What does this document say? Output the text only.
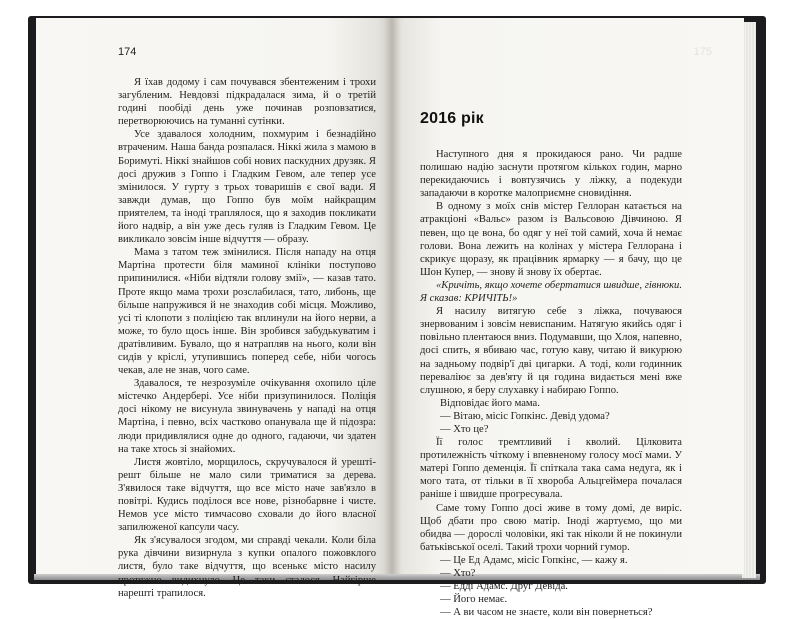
174

Я їхав додому і сам почувався збентеженим і трохи загубленим. Невдовзі підкрадалася зима, й о третій годині пообіді день уже починав розповзатися, перетворюючись на туманні сутінки.

Усе здавалося холодним, похмурим і безнадійно втраченим. Наша банда розпалася. Ніккі жила з мамою в Боримуті. Ніккі знайшов собі нових паскудних друзяк. Я досі дружив з Гоппо і Гладким Гевом, але тепер усе змінилося. У гурту з трьох товаришів є свої вади. Я завжди думав, що Гоппо був моїм найкращим приятелем, та іноді траплялося, що я заходив покликати його надвір, а він уже десь гуляв із Гладким Гевом. Це викликало зовсім інше відчуття — образу.

Мама з татом теж змінилися. Після нападу на отця Мартіна протести біля маминої клініки поступово припинилися. «Ніби відтяли голову змії», — казав тато. Проте якщо мама трохи розслабилася, тато, либонь, ще більше напружився й не знаходив собі місця. Можливо, усі ті клопоти з поліцією так вплинули на його нерви, а може, то було щось інше. Він зробився забудькуватим і дратівливим. Бувало, що я натрапляв на нього, коли він сидів у кріслі, утупившись поперед себе, ніби чогось чекав, але не знав, чого саме.

Здавалося, те незрозуміле очікування охопило ціле містечко Андербері. Усе ніби призупинилося. Поліція досі нікому не висунула звинувачень у нападі на отця Мартіна, і певно, всіх частково опанувала ще й підозра: люди придивлялися одне до одного, гадаючи, чи здатен на таке хтось зі знайомих.

Листя жовтіло, морщилось, скручувалося й урешті-решт більше не мало сили триматися за дерева. З'явилося таке відчуття, що все місто наче зав'язло в повітрі. Кудись поділося все нове, різнобарвне і чисте. Немов усе місто тимчасово сховали до його власної запилюженої капсули часу.

Як з'ясувалося згодом, ми справді чекали. Коли біла рука дівчини визирнула з купки опалого пожовклого листя, було таке відчуття, що всенькє місто насилу протяжно видихнуло. Це таки сталося. Найгірше нарешті трапилося.

175
2016 рік

Наступного дня я прокидаюся рано. Чи радше полишаю надію заснути протягом кількох годин, марно перекидаючись і вовтузячись у ліжку, а подекуди западаючи в коротке малоприємне сновидіння.

В одному з моїх снів містер Геллоран катається на атракціоні «Вальс» разом із Вальсовою Дівчиною. Я певен, що це вона, бо одяг у неї той самий, хоча й немає голови. Вона лежить на колінах у містера Геллорана і скрикує щоразу, як працівник ярмарку — я бачу, що це Шон Купер, — знову й знову їх обертає.

«Кричіть, якщо хочете обертатися швидше, гівнюки. Я сказав: КРИЧІТЬ!»

Я насилу витягую себе з ліжка, почуваюся знервованим і зовсім невиспаним. Натягую якийсь одяг і повільно плентаюся вниз. Подумавши, що Хлоя, напевно, досі спить, я вбиваю час, готую каву, читаю й викурюю на задньому подвір'ї дві цигарки. А тоді, коли годинник переваліює за дев'яту й ця година видається мені вже слушною, я беру слухавку і набираю Гоппо.

Відповідає його мама.

— Вітаю, місіс Гопкінс. Девід удома?

— Хто це?

Її голос тремтливий і кволий. Цілковита протилежність чіткому і впевненому голосу мосї мами. У матері Гоппо деменція. Її спіткала така сама недуга, як і мого тата, от тільки в її хвороба Альцгеймера почалася раніше і швидше прогресувала.

Саме тому Гоппо досі живе в тому домі, де виріс. Щоб дбати про свою матір. Іноді жартуємо, що ми обидва — дорослі чоловіки, які так ніколи й не покинули батьківської оселі. Такий трохи чорний гумор.

— Це Ед Адамс, місіс Гопкінс, — кажу я.

— Хто?

— Едді Адамс. Друг Девіда.

— Його немає.

— А ви часом не знаєте, коли він повернеться?
